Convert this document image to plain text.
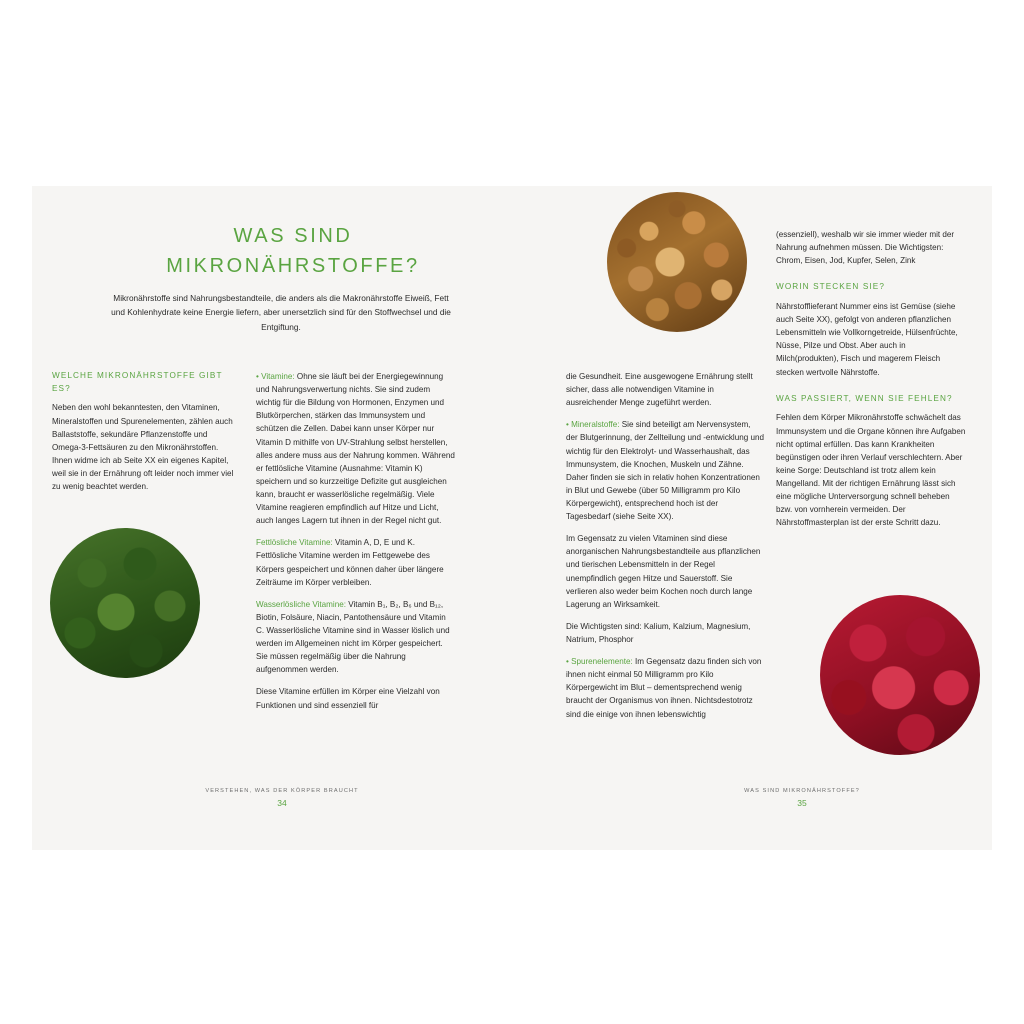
WAS SIND
MIKRONÄHRSTOFFE?

Mikronährstoffe sind Nahrungsbestandteile, die anders als die Makronährstoffe Eiweiß, Fett und Kohlenhydrate keine Energie liefern, aber unersetzlich sind für den Stoffwechsel und die Entgiftung.

WELCHE MIKRONÄHRSTOFFE GIBT ES?

Neben den wohl bekanntesten, den Vitaminen, Mineralstoffen und Spurenelementen, zählen auch Ballaststoffe, sekundäre Pflanzenstoffe und Omega-3-Fettsäuren zu den Mikronährstoffen. Ihnen widme ich ab Seite XX ein eigenes Kapitel, weil sie in der Ernährung oft leider noch immer viel zu wenig beachtet werden.

• Vitamine: Ohne sie läuft bei der Energiegewinnung und Nahrungsverwertung nichts. Sie sind zudem wichtig für die Bildung von Hormonen, Enzymen und Blutkörperchen, stärken das Immunsystem und schützen die Zellen. Dabei kann unser Körper nur Vitamin D mithilfe von UV-Strahlung selbst herstellen, alles andere muss aus der Nahrung kommen. Während er fettlösliche Vitamine (Ausnahme: Vitamin K) speichern und so kurzzeitige Defizite gut ausgleichen kann, braucht er wasserlösliche regelmäßig. Viele Vitamine reagieren empfindlich auf Hitze und Licht, auch langes Lagern tut ihnen in der Regel nicht gut.

Fettlösliche Vitamine: Vitamin A, D, E und K. Fettlösliche Vitamine werden im Fettgewebe des Körpers gespeichert und können daher über längere Zeiträume im Körper verbleiben.

Wasserlösliche Vitamine: Vitamin B₁, B₂, B₆ und B₁₂, Biotin, Folsäure, Niacin, Pantothensäure und Vitamin C. Wasserlösliche Vitamine sind in Wasser löslich und werden im Allgemeinen nicht im Körper gespeichert. Sie müssen regelmäßig über die Nahrung aufgenommen werden.

Diese Vitamine erfüllen im Körper eine Vielzahl von Funktionen und sind essenziell für

die Gesundheit. Eine ausgewogene Ernährung stellt sicher, dass alle notwendigen Vitamine in ausreichender Menge zugeführt werden.

• Mineralstoffe: Sie sind beteiligt am Nervensystem, der Blutgerinnung, der Zellteilung und -entwicklung und wichtig für den Elektrolyt- und Wasserhaushalt, das Immunsystem, die Knochen, Muskeln und Zähne. Daher finden sie sich in relativ hohen Konzentrationen in Blut und Gewebe (über 50 Milligramm pro Kilo Körpergewicht), entsprechend hoch ist der Tagesbedarf (siehe Seite XX).

Im Gegensatz zu vielen Vitaminen sind diese anorganischen Nahrungsbestandteile aus pflanzlichen und tierischen Lebensmitteln in der Regel unempfindlich gegen Hitze und Sauerstoff. Sie verlieren also weder beim Kochen noch durch lange Lagerung an Wirksamkeit.

Die Wichtigsten sind: Kalium, Kalzium, Magnesium, Natrium, Phosphor

• Spurenelemente: Im Gegensatz dazu finden sich von ihnen nicht einmal 50 Milligramm pro Kilo Körpergewicht im Blut – dementsprechend wenig braucht der Organismus von ihnen. Nichtsdestotrotz sind die einige von ihnen lebenswichtig

(essenziell), weshalb wir sie immer wieder mit der Nahrung aufnehmen müssen. Die Wichtigsten: Chrom, Eisen, Jod, Kupfer, Selen, Zink

WORIN STECKEN SIE?

Nährstofflieferant Nummer eins ist Gemüse (siehe auch Seite XX), gefolgt von anderen pflanzlichen Lebensmitteln wie Vollkorngetreide, Hülsenfrüchte, Nüsse, Pilze und Obst. Aber auch in Milch(produkten), Fisch und magerem Fleisch stecken wertvolle Nährstoffe.

WAS PASSIERT, WENN SIE FEHLEN?

Fehlen dem Körper Mikronährstoffe schwächelt das Immunsystem und die Organe können ihre Aufgaben nicht optimal erfüllen. Das kann Krankheiten begünstigen oder ihren Verlauf verschlechtern. Aber keine Sorge: Deutschland ist trotz allem kein Mangelland. Mit der richtigen Ernährung lässt sich eine mögliche Unterversorgung schnell beheben bzw. von vornherein vermeiden. Der Nährstoffmasterplan ist der erste Schritt dazu.

VERSTEHEN, WAS DER KÖRPER BRAUCHT
34
WAS SIND MIKRONÄHRSTOFFE?
35
